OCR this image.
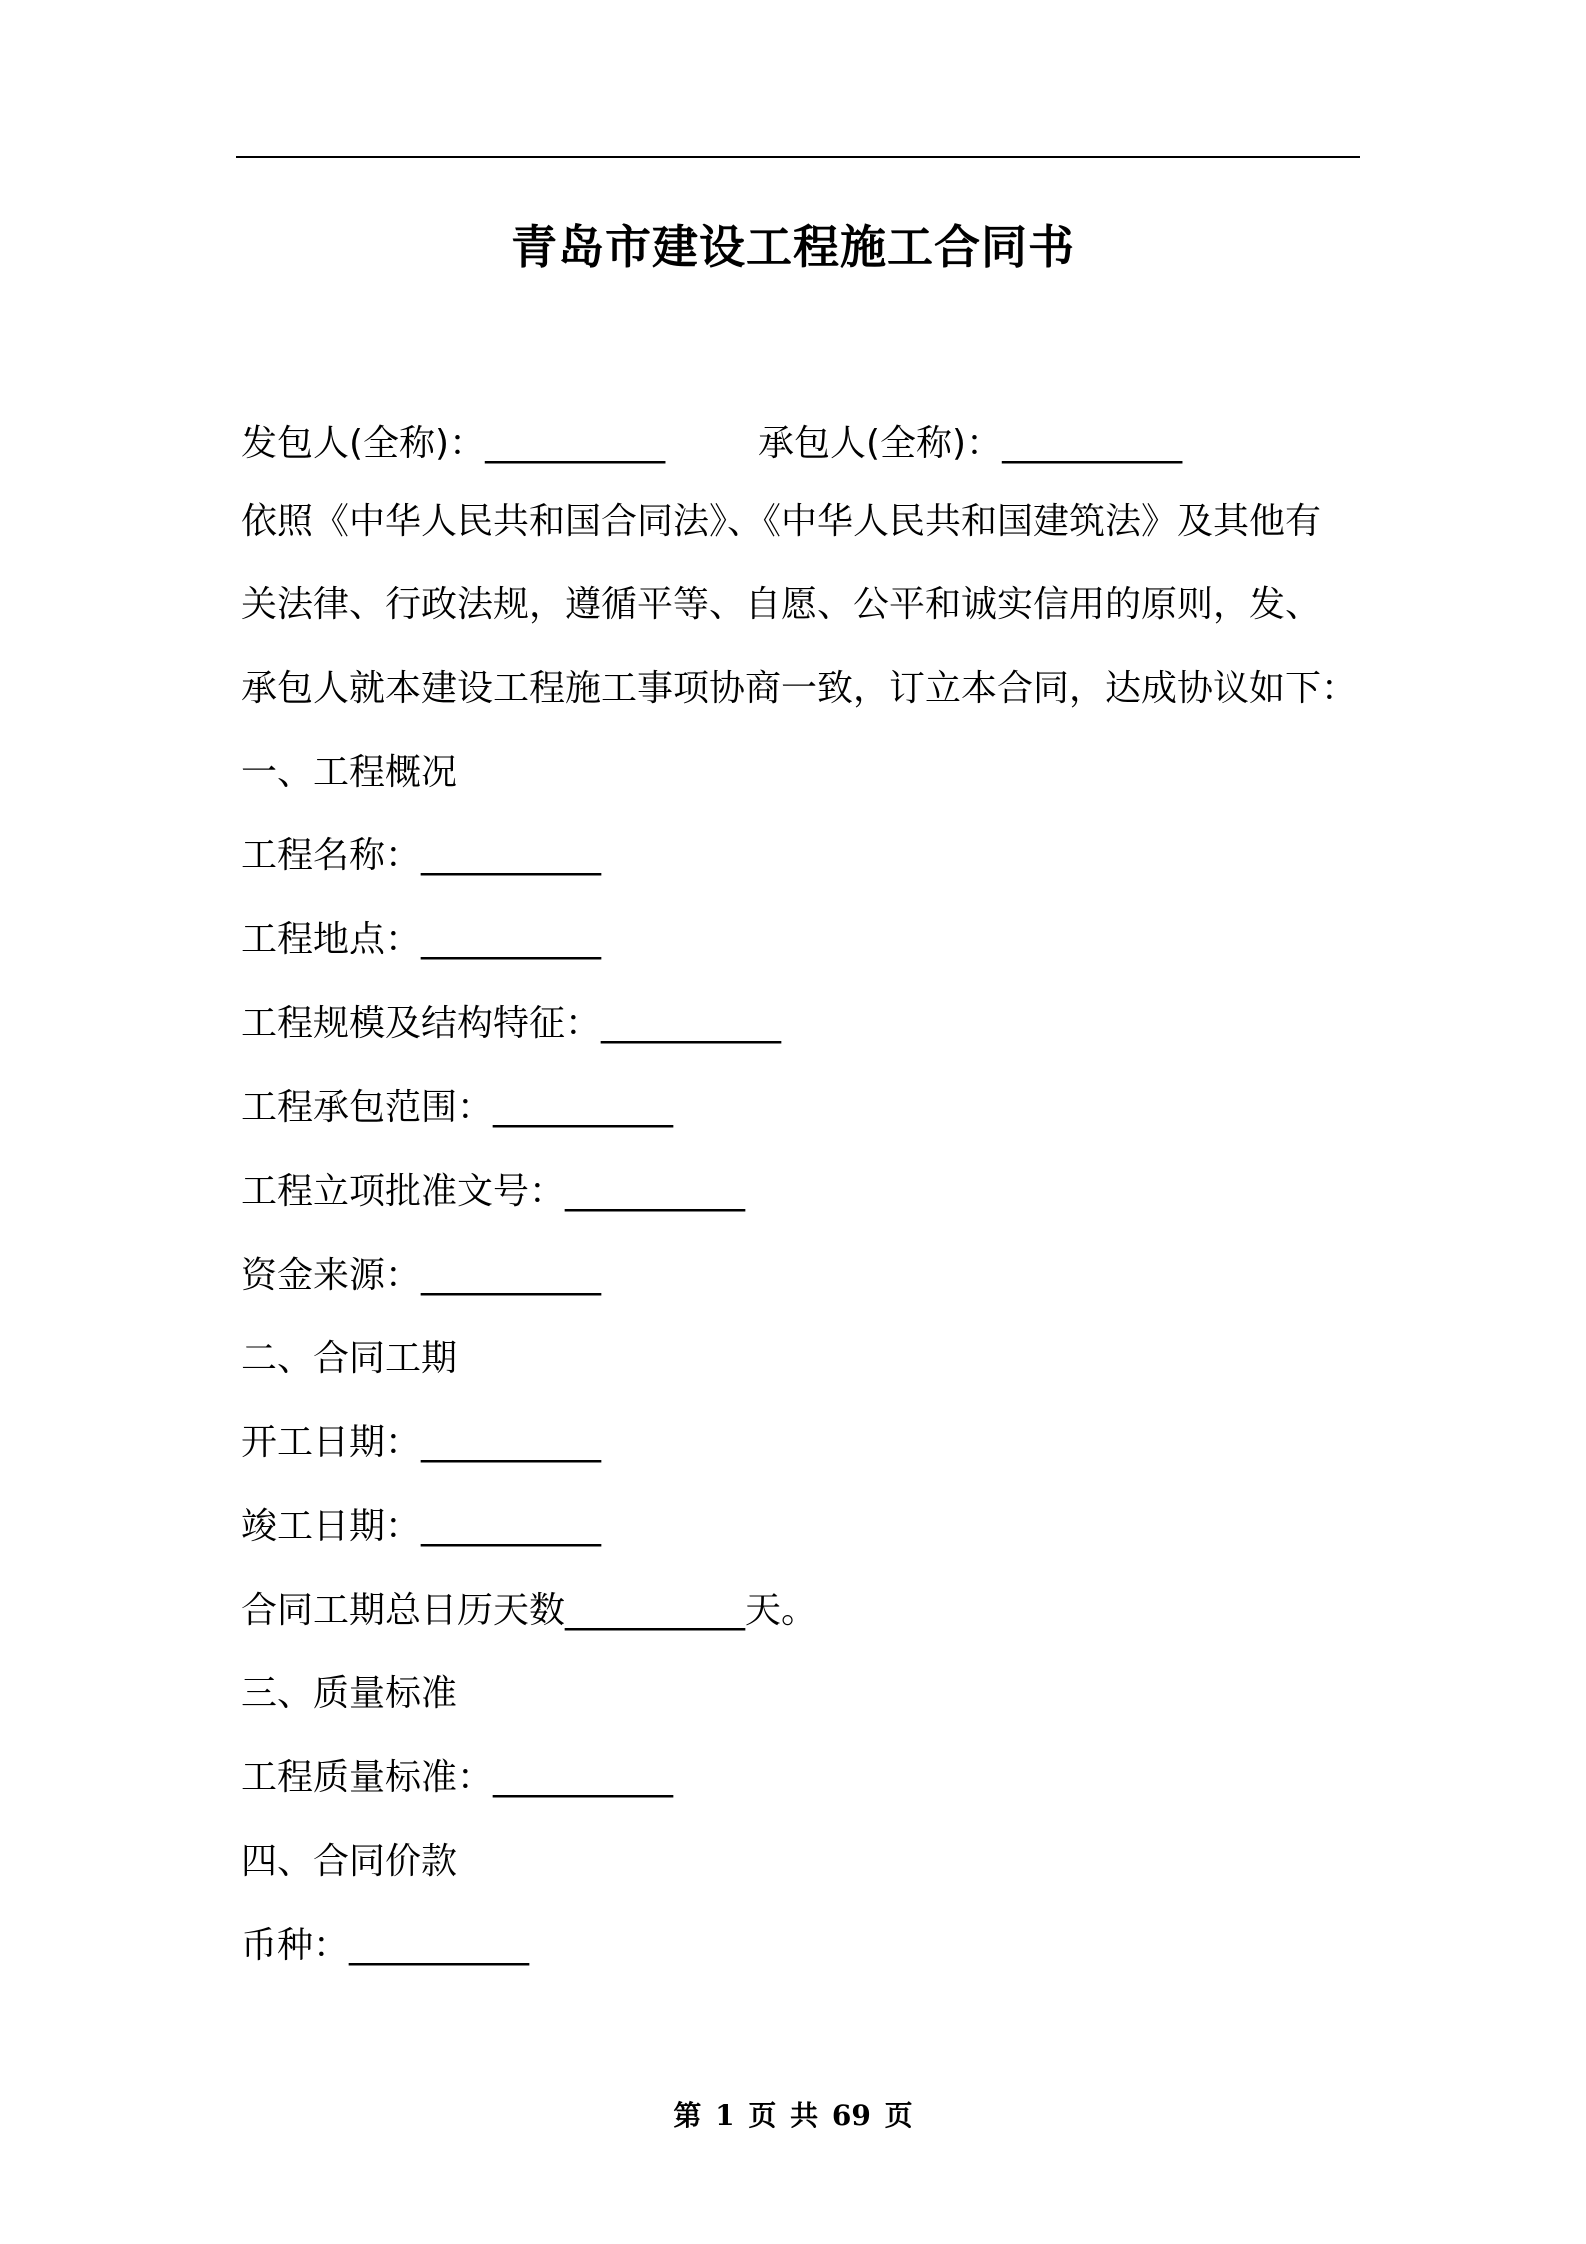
青岛市建设工程施工合同书
发包人(全称)：__________	承包人(全称)：__________
依照《中华人民共和国合同法》、《中华人民共和国建筑法》及其他有
关法律、行政法规，遵循平等、自愿、公平和诚实信用的原则，发、
承包人就本建设工程施工事项协商一致，订立本合同，达成协议如下：
一、工程概况
工程名称：__________
工程地点：__________
工程规模及结构特征：__________
工程承包范围：__________
工程立项批准文号：__________
资金来源：__________
二、合同工期
开工日期：__________
竣工日期：__________
合同工期总日历天数__________天。
三、质量标准
工程质量标准：__________
四、合同价款
币种：__________
第 1 页 共 69 页
